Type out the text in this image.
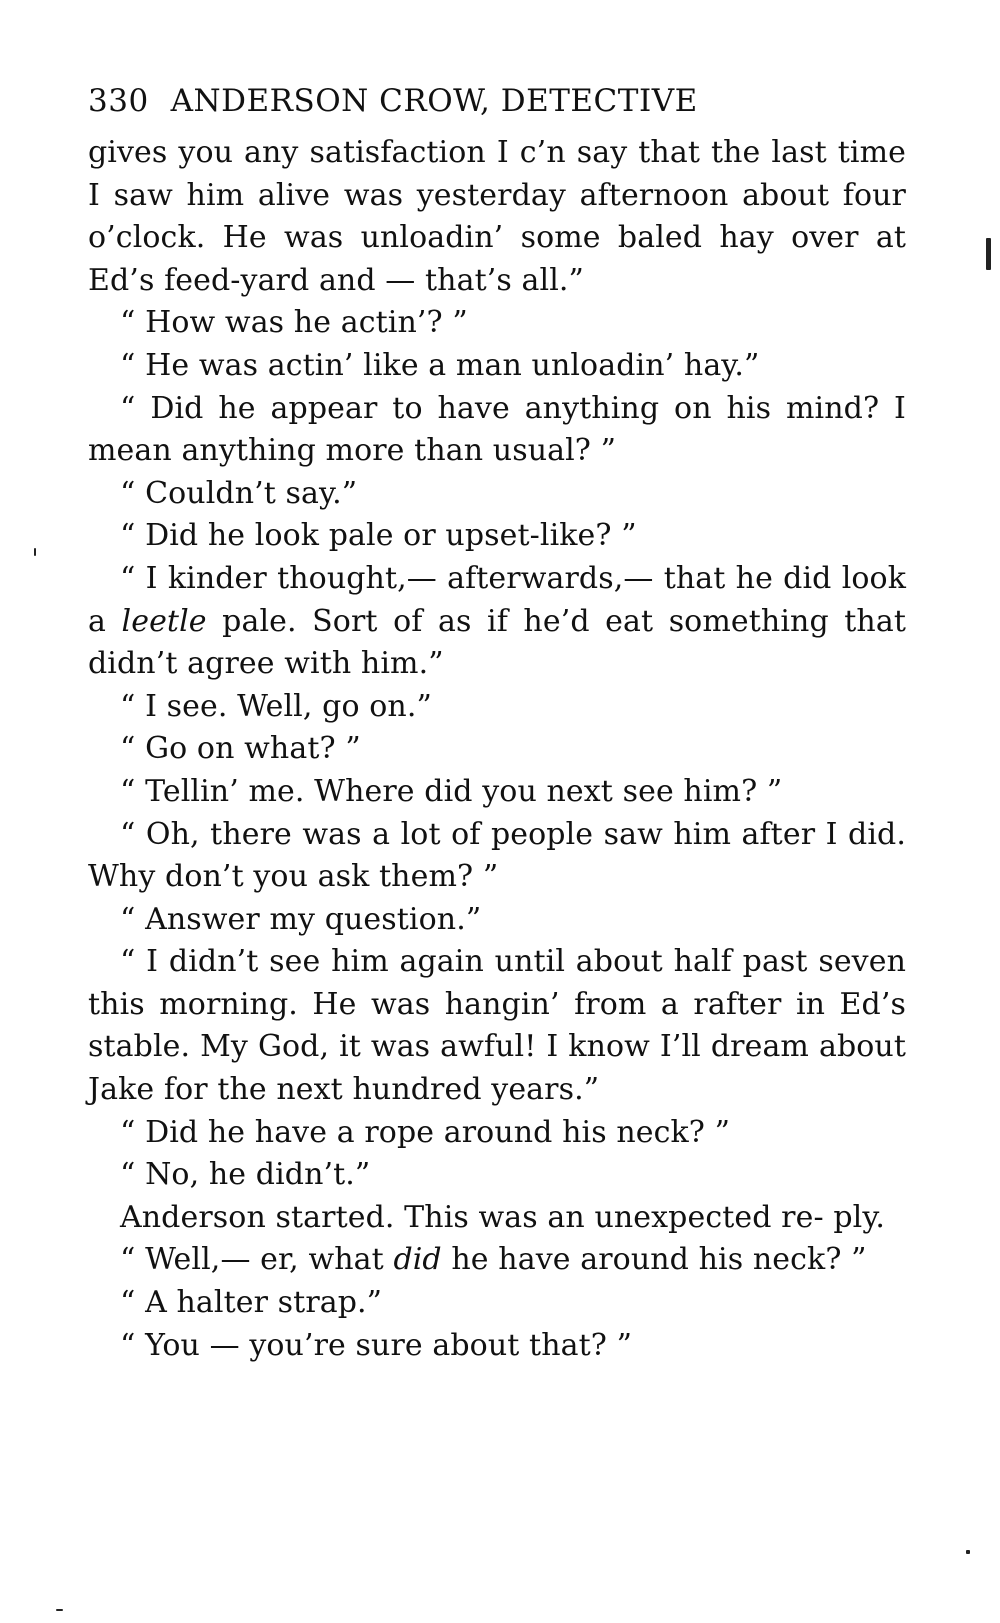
330 ANDERSON CROW, DETECTIVE

gives you any satisfaction I c’n say that the last time I saw him alive was yesterday afternoon about four o’clock. He was unloadin’ some baled hay over at Ed’s feed-yard and — that’s all.”

“ How was he actin’? ”

“ He was actin’ like a man unloadin’ hay.”

“ Did he appear to have anything on his mind? I mean anything more than usual? ”

“ Couldn’t say.”

“ Did he look pale or upset-like? ”

“ I kinder thought,— afterwards,— that he did look a leetle pale. Sort of as if he’d eat something that didn’t agree with him.”

“ I see. Well, go on.”

“ Go on what? ”

“ Tellin’ me. Where did you next see him? ”

“ Oh, there was a lot of people saw him after I did. Why don’t you ask them? ”

“ Answer my question.”

“ I didn’t see him again until about half past seven this morning. He was hangin’ from a rafter in Ed’s stable. My God, it was awful! I know I’ll dream about Jake for the next hundred years.”

“ Did he have a rope around his neck? ”

“ No, he didn’t.”

Anderson started. This was an unexpected re- ply.

“ Well,— er, what did he have around his neck? ”

“ A halter strap.”

“ You — you’re sure about that? ”
